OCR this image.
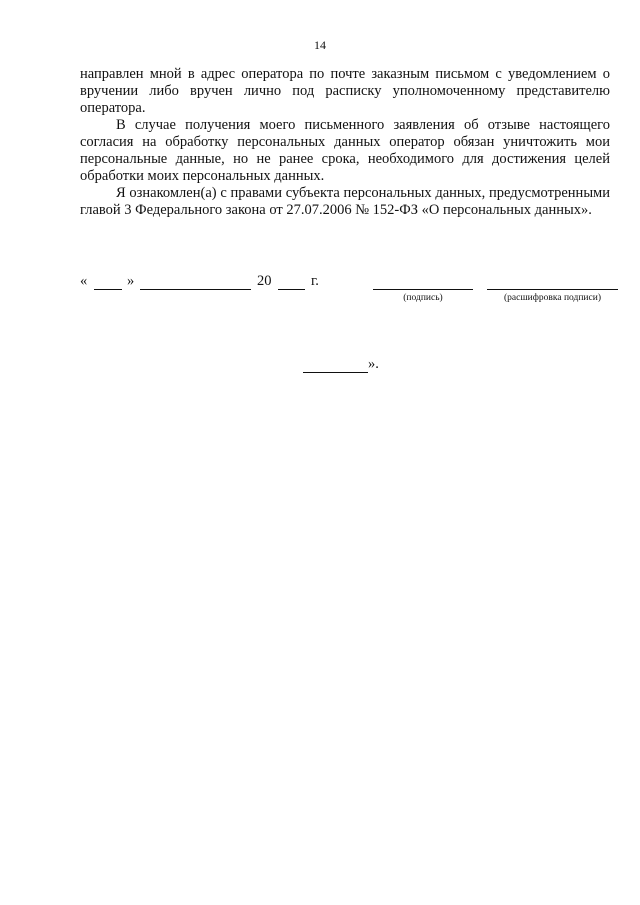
14

направлен мной в адрес оператора по почте заказным письмом с уведомлением о вручении либо вручен лично под расписку уполномоченному представителю оператора.

В случае получения моего письменного заявления об отзыве настоящего согласия на обработку персональных данных оператор обязан уничтожить мои персональные данные, но не ранее срока, необходимого для достижения целей обработки моих персональных данных.

Я ознакомлен(а) с правами субъекта персональных данных, предусмотренными главой 3 Федерального закона от 27.07.2006 № 152-ФЗ «О персональных данных».

«	»	20	г.
(подпись)	(расшифровка подписи)
».
